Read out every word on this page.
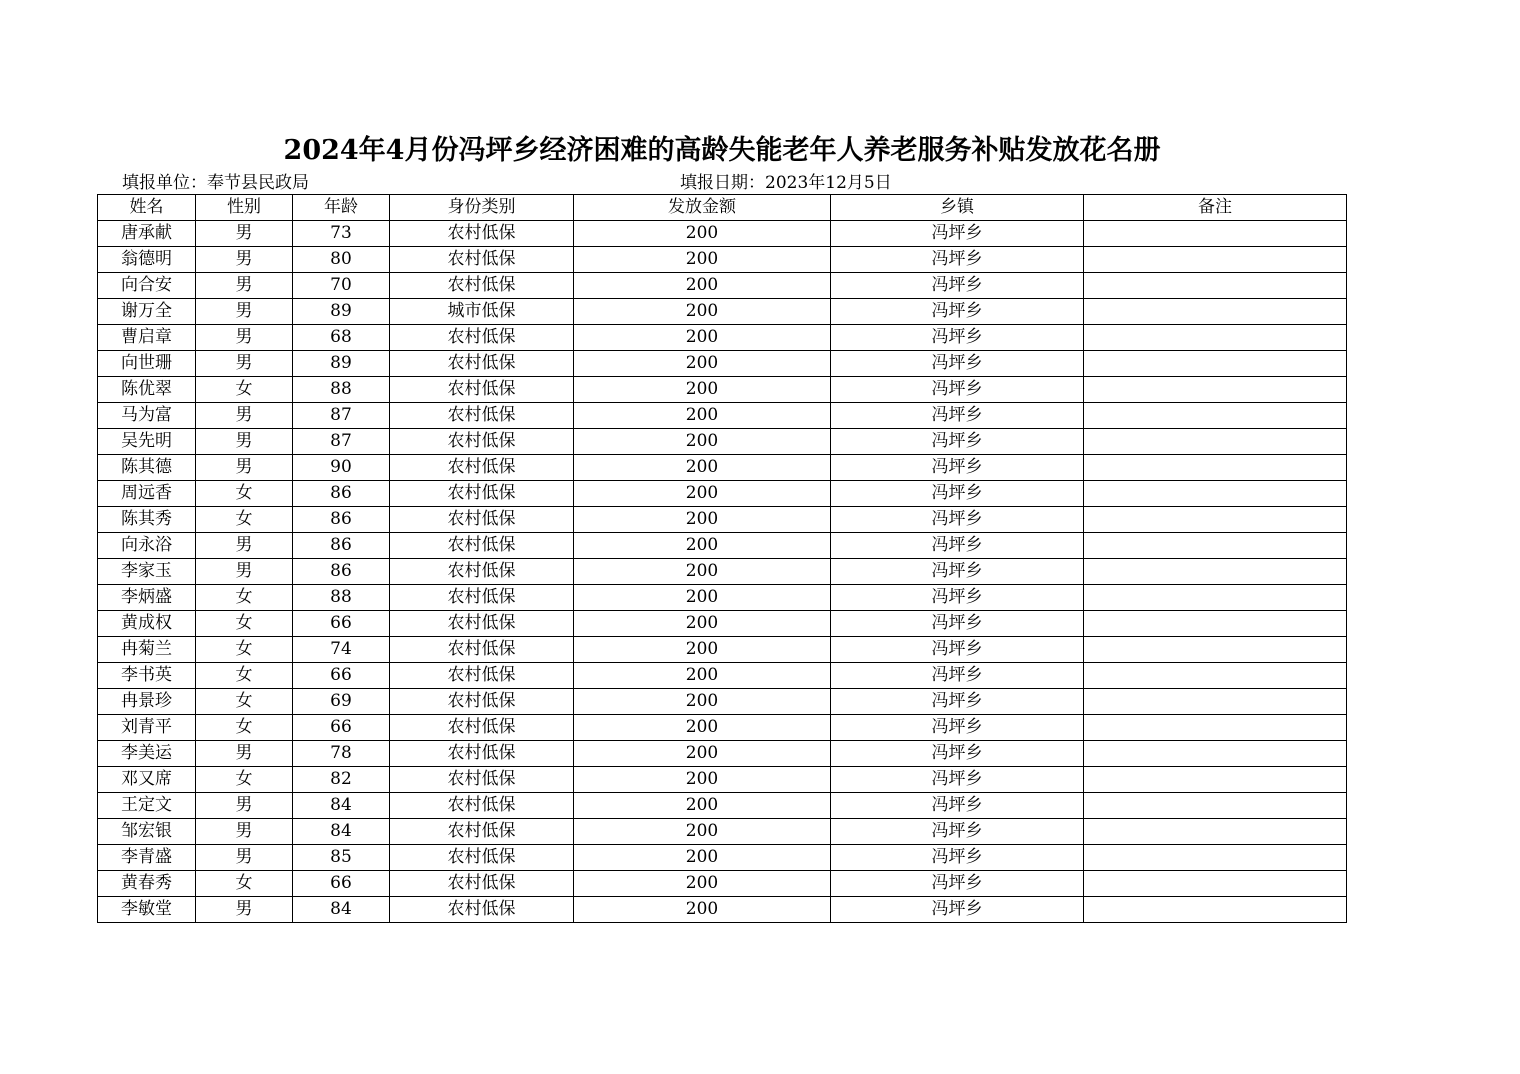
2024年4月份冯坪乡经济困难的高龄失能老年人养老服务补贴发放花名册
填报单位：奉节县民政局	填报日期：2023年12月5日
姓名	性别	年龄	身份类别	发放金额	乡镇	备注
唐承献	男	73	农村低保	200	冯坪乡	
翁德明	男	80	农村低保	200	冯坪乡	
向合安	男	70	农村低保	200	冯坪乡	
谢万全	男	89	城市低保	200	冯坪乡	
曹启章	男	68	农村低保	200	冯坪乡	
向世珊	男	89	农村低保	200	冯坪乡	
陈优翠	女	88	农村低保	200	冯坪乡	
马为富	男	87	农村低保	200	冯坪乡	
吴先明	男	87	农村低保	200	冯坪乡	
陈其德	男	90	农村低保	200	冯坪乡	
周远香	女	86	农村低保	200	冯坪乡	
陈其秀	女	86	农村低保	200	冯坪乡	
向永浴	男	86	农村低保	200	冯坪乡	
李家玉	男	86	农村低保	200	冯坪乡	
李炳盛	女	88	农村低保	200	冯坪乡	
黄成权	女	66	农村低保	200	冯坪乡	
冉菊兰	女	74	农村低保	200	冯坪乡	
李书英	女	66	农村低保	200	冯坪乡	
冉景珍	女	69	农村低保	200	冯坪乡	
刘青平	女	66	农村低保	200	冯坪乡	
李美运	男	78	农村低保	200	冯坪乡	
邓又席	女	82	农村低保	200	冯坪乡	
王定文	男	84	农村低保	200	冯坪乡	
邹宏银	男	84	农村低保	200	冯坪乡	
李青盛	男	85	农村低保	200	冯坪乡	
黄春秀	女	66	农村低保	200	冯坪乡	
李敏堂	男	84	农村低保	200	冯坪乡	
